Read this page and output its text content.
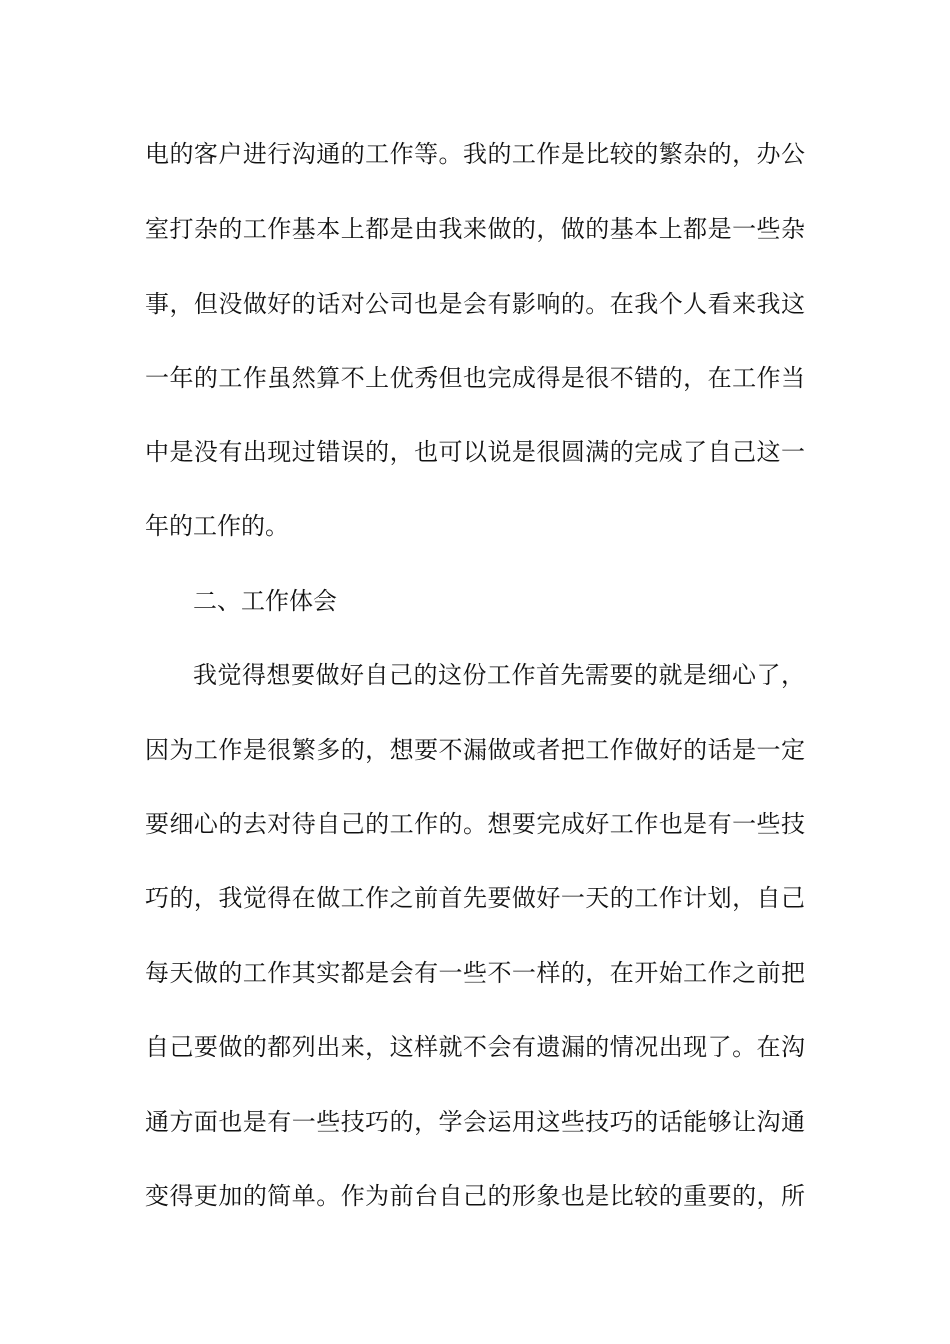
电的客户进行沟通的工作等。我的工作是比较的繁杂的，办公
室打杂的工作基本上都是由我来做的，做的基本上都是一些杂
事，但没做好的话对公司也是会有影响的。在我个人看来我这
一年的工作虽然算不上优秀但也完成得是很不错的，在工作当
中是没有出现过错误的，也可以说是很圆满的完成了自己这一
年的工作的。
二、工作体会
我觉得想要做好自己的这份工作首先需要的就是细心了，
因为工作是很繁多的，想要不漏做或者把工作做好的话是一定
要细心的去对待自己的工作的。想要完成好工作也是有一些技
巧的，我觉得在做工作之前首先要做好一天的工作计划，自己
每天做的工作其实都是会有一些不一样的，在开始工作之前把
自己要做的都列出来，这样就不会有遗漏的情况出现了。在沟
通方面也是有一些技巧的，学会运用这些技巧的话能够让沟通
变得更加的简单。作为前台自己的形象也是比较的重要的，所
